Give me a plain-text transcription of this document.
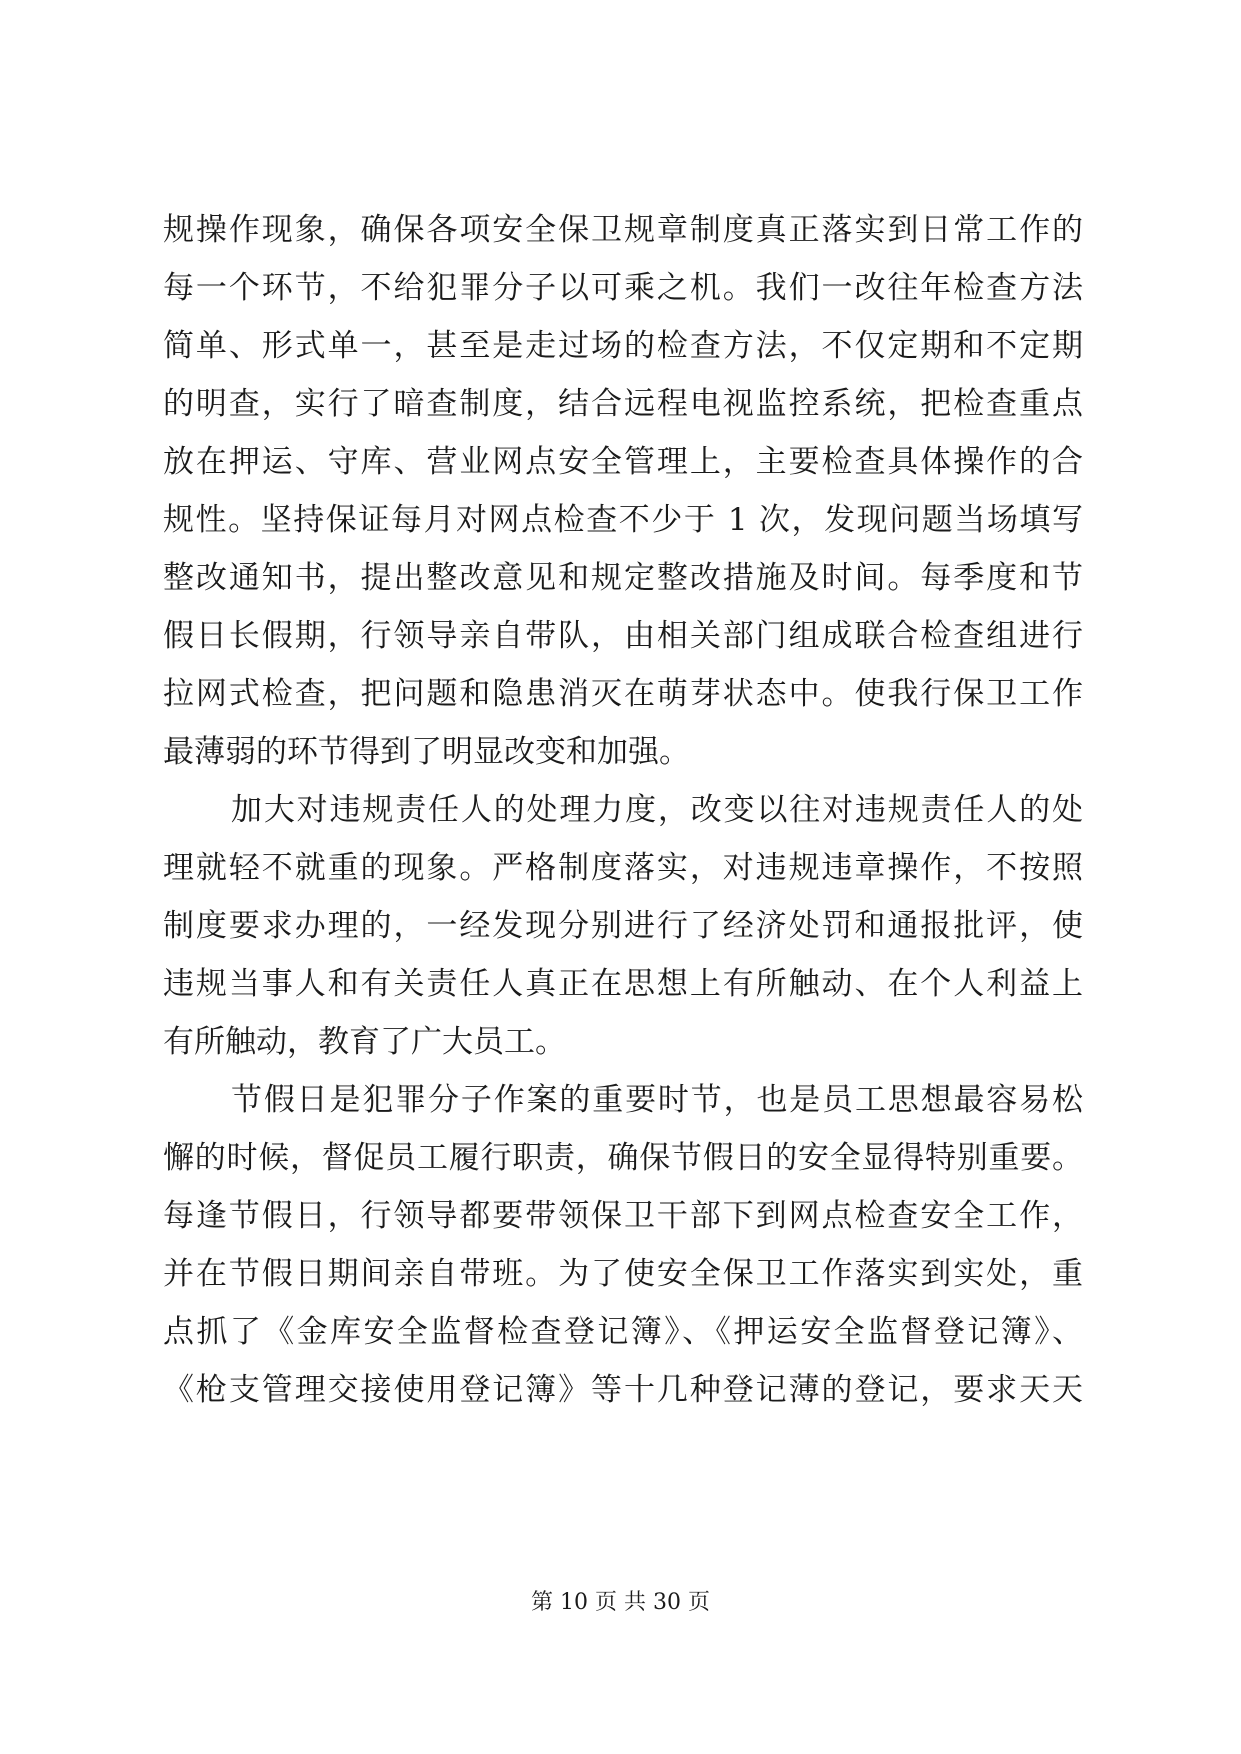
规操作现象，确保各项安全保卫规章制度真正落实到日常工作的
每一个环节，不给犯罪分子以可乘之机。我们一改往年检查方法
简单、形式单一，甚至是走过场的检查方法，不仅定期和不定期
的明查，实行了暗查制度，结合远程电视监控系统，把检查重点
放在押运、守库、营业网点安全管理上，主要检查具体操作的合
规性。坚持保证每月对网点检查不少于 1 次，发现问题当场填写
整改通知书，提出整改意见和规定整改措施及时间。每季度和节
假日长假期，行领导亲自带队，由相关部门组成联合检查组进行
拉网式检查，把问题和隐患消灭在萌芽状态中。使我行保卫工作
最薄弱的环节得到了明显改变和加强。
加大对违规责任人的处理力度，改变以往对违规责任人的处
理就轻不就重的现象。严格制度落实，对违规违章操作，不按照
制度要求办理的，一经发现分别进行了经济处罚和通报批评，使
违规当事人和有关责任人真正在思想上有所触动、在个人利益上
有所触动，教育了广大员工。
节假日是犯罪分子作案的重要时节，也是员工思想最容易松
懈的时候，督促员工履行职责，确保节假日的安全显得特别重要。
每逢节假日，行领导都要带领保卫干部下到网点检查安全工作，
并在节假日期间亲自带班。为了使安全保卫工作落实到实处，重
点抓了《金库安全监督检查登记簿》、《押运安全监督登记簿》、
《枪支管理交接使用登记簿》等十几种登记薄的登记，要求天天
第 10 页 共 30 页
